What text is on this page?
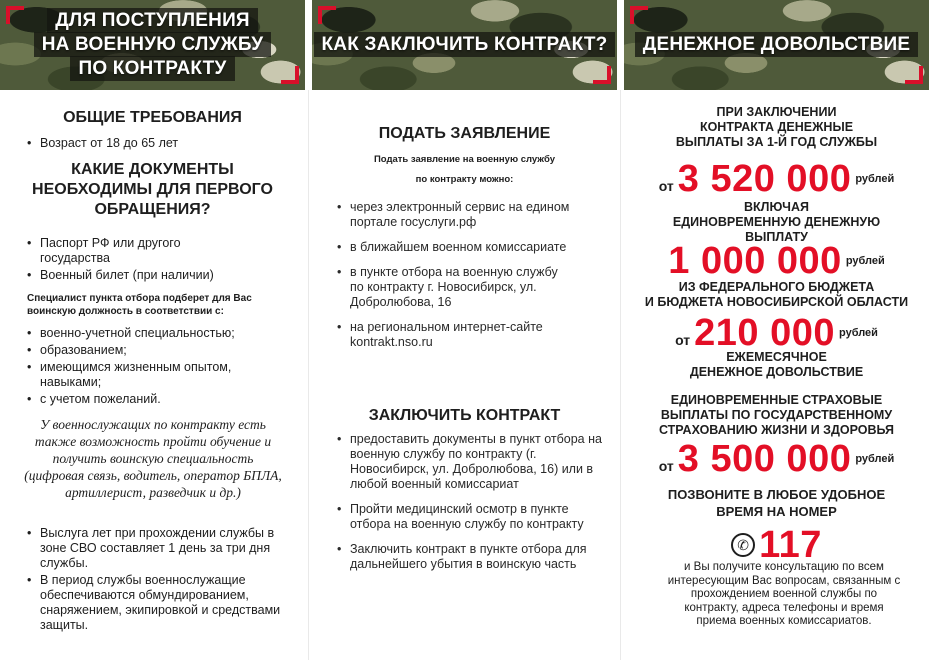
ДЛЯ ПОСТУПЛЕНИЯ
НА ВОЕННУЮ СЛУЖБУ
ПО КОНТРАКТУ
ОБЩИЕ ТРЕБОВАНИЯ
• Возраст от 18 до 65 лет
КАКИЕ ДОКУМЕНТЫ
НЕОБХОДИМЫ ДЛЯ ПЕРВОГО
ОБРАЩЕНИЯ?
• Паспорт РФ или другого государства
• Военный билет (при наличии)
Специалист пункта отбора подберет для Вас воинскую должность в соответствии с:
• военно-учетной специальностью;
• образованием;
• имеющимся жизненным опытом, навыками;
• с учетом пожеланий.
У военнослужащих по контракту есть также возможность пройти обучение и получить воинскую специальность (цифровая связь, водитель, оператор БПЛА, артиллерист, разведчик и др.)
• Выслуга лет при прохождении службы в зоне СВО составляет 1 день за три дня службы.
• В период службы военнослужащие обеспечиваются обмундированием, снаряжением, экипировкой и средствами защиты.
КАК ЗАКЛЮЧИТЬ КОНТРАКТ?
ПОДАТЬ ЗАЯВЛЕНИЕ
Подать заявление на военную службу
по контракту можно:
• через электронный сервис на едином портале госуслуги.рф
• в ближайшем военном комиссариате
• в пункте отбора на военную службу по контракту г. Новосибирск, ул. Добролюбова, 16
• на региональном интернет-сайте kontrakt.nso.ru
ЗАКЛЮЧИТЬ КОНТРАКТ
• предоставить документы в пункт отбора на военную службу по контракту (г. Новосибирск, ул. Добролюбова, 16) или в любой военный комиссариат
• Пройти медицинский осмотр в пункте отбора на военную службу по контракту
• Заключить контракт в пункте отбора для дальнейшего убытия в воинскую часть
ДЕНЕЖНОЕ ДОВОЛЬСТВИЕ
ПРИ ЗАКЛЮЧЕНИИ
КОНТРАКТА ДЕНЕЖНЫЕ
ВЫПЛАТЫ ЗА 1-Й ГОД СЛУЖБЫ
от 3 520 000 рублей
ВКЛЮЧАЯ
ЕДИНОВРЕМЕННУЮ ДЕНЕЖНУЮ
ВЫПЛАТУ
1 000 000 рублей
ИЗ ФЕДЕРАЛЬНОГО БЮДЖЕТА
И БЮДЖЕТА НОВОСИБИРСКОЙ ОБЛАСТИ
от 210 000 рублей
ЕЖЕМЕСЯЧНОЕ
ДЕНЕЖНОЕ ДОВОЛЬСТВИЕ
ЕДИНОВРЕМЕННЫЕ СТРАХОВЫЕ
ВЫПЛАТЫ ПО ГОСУДАРСТВЕННОМУ
СТРАХОВАНИЮ ЖИЗНИ И ЗДОРОВЬЯ
от 3 500 000 рублей
ПОЗВОНИТЕ В ЛЮБОЕ УДОБНОЕ
ВРЕМЯ НА НОМЕР
✆ 117
и Вы получите консультацию по всем интересующим Вас вопросам, связанным с прохождением военной службы по контракту, адреса телефоны и время приема военных комиссариатов.
